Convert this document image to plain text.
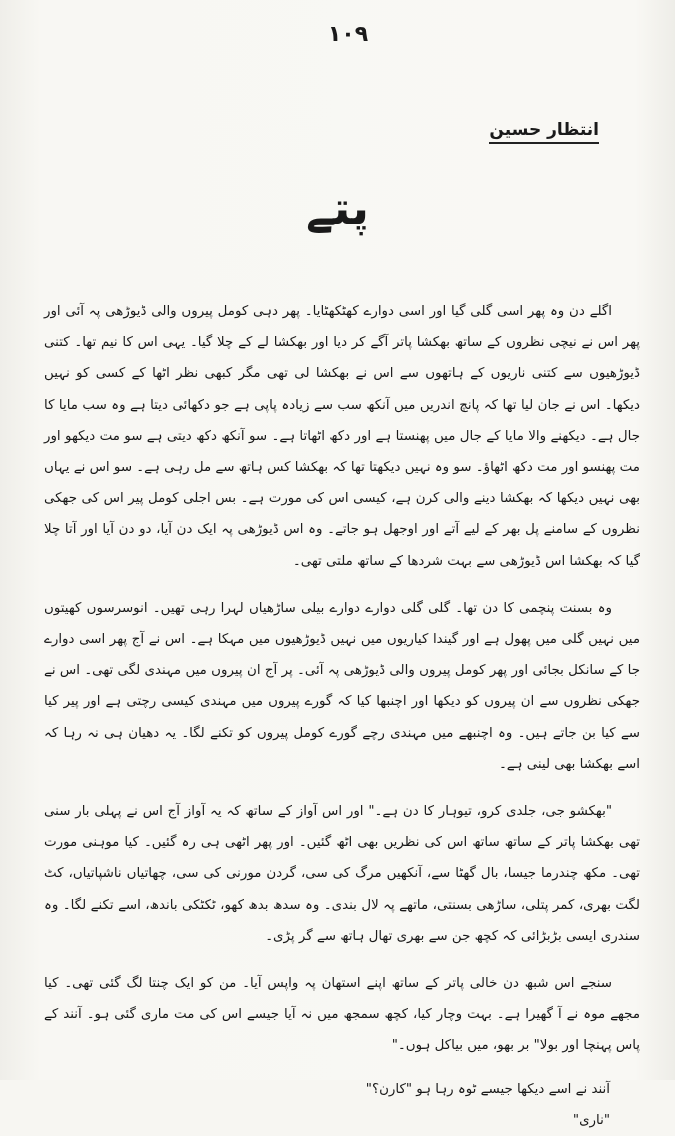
١٠٩
انتظار حسین
پتے

اگلے دن وہ پھر اسی گلی گیا اور اسی دوارے کھٹکھٹایا۔ پھر دہی کومل پیروں والی ڈیوڑھی پہ آئی اور پھر اس نے نیچی نظروں کے ساتھ بھکشا پاتر آگے کر دیا اور بھکشا لے کے چلا گیا۔ یہی اس کا نیم تھا۔ کتنی ڈیوڑھیوں سے کتنی ناریوں کے ہاتھوں سے اس نے بھکشا لی تھی مگر کبھی نظر اٹھا کے کسی کو نہیں دیکھا۔ اس نے جان لیا تھا کہ پانچ اندریں میں آنکھ سب سے زیادہ پاپی ہے جو دکھائی دیتا ہے وہ سب مایا کا جال ہے۔ دیکھنے والا مایا کے جال میں پھنستا ہے اور دکھ اٹھاتا ہے۔ سو آنکھ دکھ دیتی ہے سو مت دیکھو اور مت پھنسو اور مت دکھ اٹھاؤ۔ سو وہ نہیں دیکھتا تھا کہ بھکشا کس ہاتھ سے مل رہی ہے۔ سو اس نے یہاں بھی نہیں دیکھا کہ بھکشا دینے والی کرن ہے، کیسی اس کی مورت ہے۔ بس اجلی کومل پیر اس کی جھکی نظروں کے سامنے پل بھر کے لیے آتے اور اوجھل ہو جاتے۔ وہ اس ڈیوڑھی پہ ایک دن آیا، دو دن آیا اور آتا چلا گیا کہ بھکشا اس ڈیوڑھی سے بہت شردھا کے ساتھ ملتی تھی۔

وہ بسنت پنچمی کا دن تھا۔ گلی گلی دوارے دوارے بیلی ساڑھیاں لہرا رہی تھیں۔ انوسرسوں کھیتوں میں نہیں گلی میں پھول ہے اور گیندا کیاریوں میں نہیں ڈیوڑھیوں میں مہکا ہے۔ اس نے آج پھر اسی دوارے جا کے سانکل بجائی اور پھر کومل پیروں والی ڈیوڑھی پہ آئی۔ پر آج ان پیروں میں مہندی لگی تھی۔ اس نے جھکی نظروں سے ان پیروں کو دیکھا اور اچنبھا کیا کہ گورے پیروں میں مہندی کیسی رچتی ہے اور پیر کیا سے کیا بن جاتے ہیں۔ وہ اچنبھے میں مہندی رچے گورے کومل پیروں کو تکنے لگا۔ یہ دھیان ہی نہ رہا کہ اسے بھکشا بھی لینی ہے۔

"بھکشو جی، جلدی کرو، تیوہار کا دن ہے۔" اور اس آواز کے ساتھ کہ یہ آواز آج اس نے پہلی بار سنی تھی بھکشا پاتر کے ساتھ ساتھ اس کی نظریں بھی اٹھ گئیں۔ اور پھر اٹھی ہی رہ گئیں۔ کیا موہنی مورت تھی۔ مکھ چندرما جیسا، بال گھٹا سے، آنکھیں مرگ کی سی، گردن مورنی کی سی، چھاتیاں ناشپاتیاں، کٹ لگت بھری، کمر پتلی، ساڑھی بسنتی، ماتھے پہ لال بندی۔ وہ سدھ بدھ کھو، ٹکٹکی باندھ، اسے تکنے لگا۔ وہ سندری ایسی بڑبڑائی کہ کچھ جن سے بھری تھال ہاتھ سے گر پڑی۔

سنجے اس شبھ دن خالی پاتر کے ساتھ اپنے استھان پہ واپس آیا۔ من کو ایک چنتا لگ گئی تھی۔ کیا مجھے موہ نے آ گھیرا ہے۔ بہت وچار کیا، کچھ سمجھ میں نہ آیا جیسے اس کی مت ماری گئی ہو۔ آنند کے پاس پہنچا اور بولا" بر بھو، میں بیاکل ہوں۔"

آنند نے اسے دیکھا جیسے ٹوہ رہا ہو "کارن؟"
"ناری"
